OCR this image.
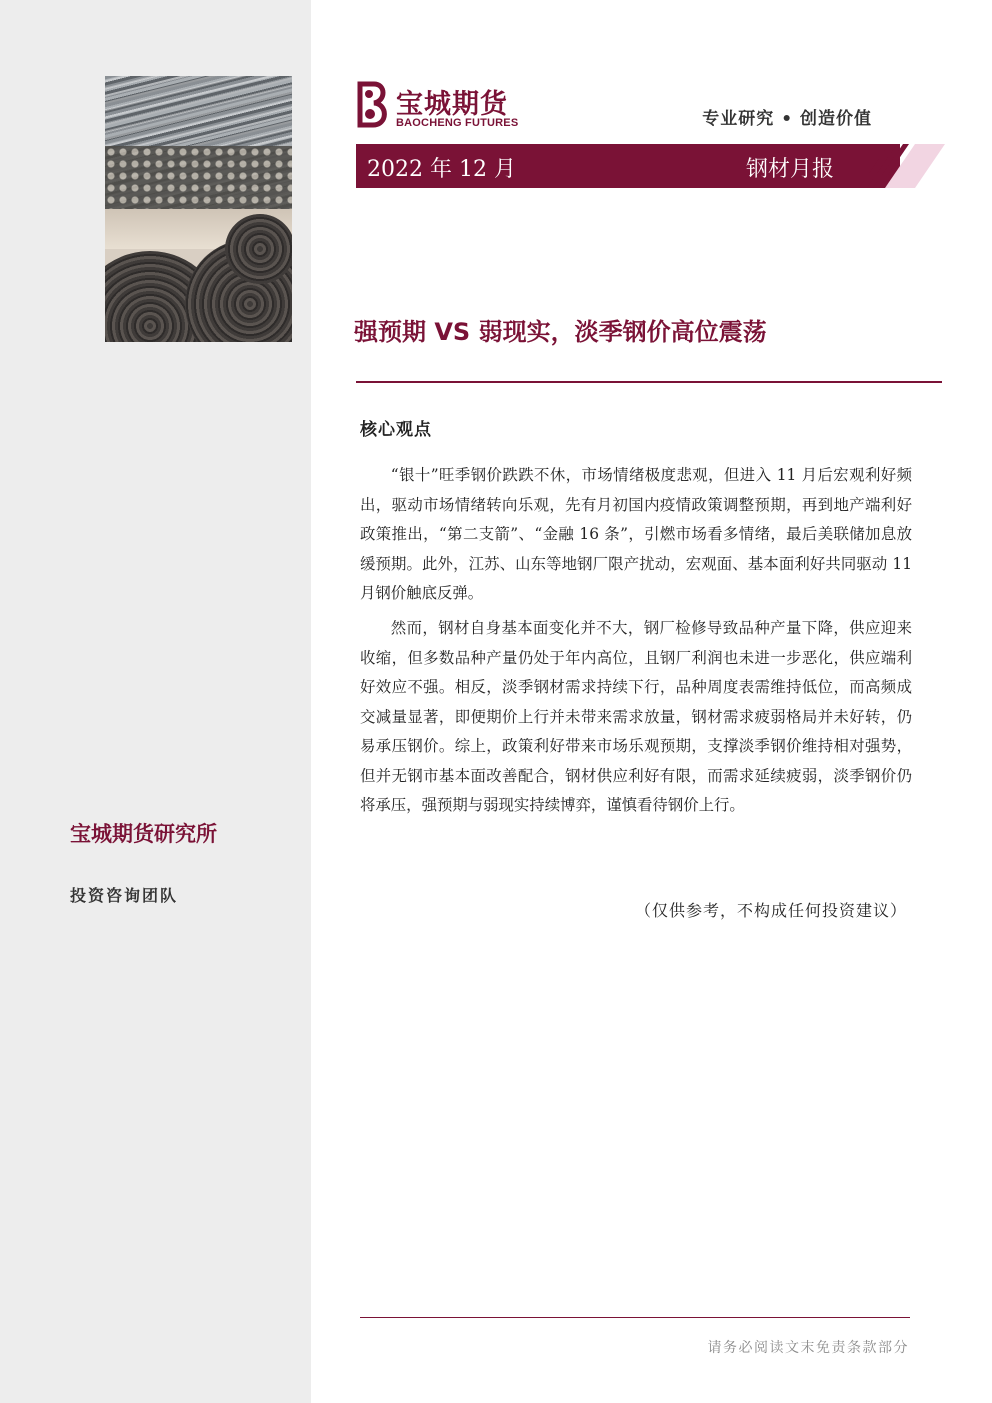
宝城期货
BAOCHENG FUTURES	专业研究 • 创造价值
2022 年 12 月	钢材月报
强预期 VS 弱现实，淡季钢价高位震荡
核心观点

“银十”旺季钢价跌跌不休，市场情绪极度悲观，但进入 11 月后宏观利好频出，驱动市场情绪转向乐观，先有月初国内疫情政策调整预期，再到地产端利好政策推出，“第二支箭”、“金融 16 条”，引燃市场看多情绪，最后美联储加息放缓预期。此外，江苏、山东等地钢厂限产扰动，宏观面、基本面利好共同驱动 11 月钢价触底反弹。

然而，钢材自身基本面变化并不大，钢厂检修导致品种产量下降，供应迎来收缩，但多数品种产量仍处于年内高位，且钢厂利润也未进一步恶化，供应端利好效应不强。相反，淡季钢材需求持续下行，品种周度表需维持低位，而高频成交减量显著，即便期价上行并未带来需求放量，钢材需求疲弱格局并未好转，仍易承压钢价。综上，政策利好带来市场乐观预期，支撑淡季钢价维持相对强势，但并无钢市基本面改善配合，钢材供应利好有限，而需求延续疲弱，淡季钢价仍将承压，强预期与弱现实持续博弈，谨慎看待钢价上行。

宝城期货研究所
投资咨询团队
（仅供参考，不构成任何投资建议）
请务必阅读文末免责条款部分
